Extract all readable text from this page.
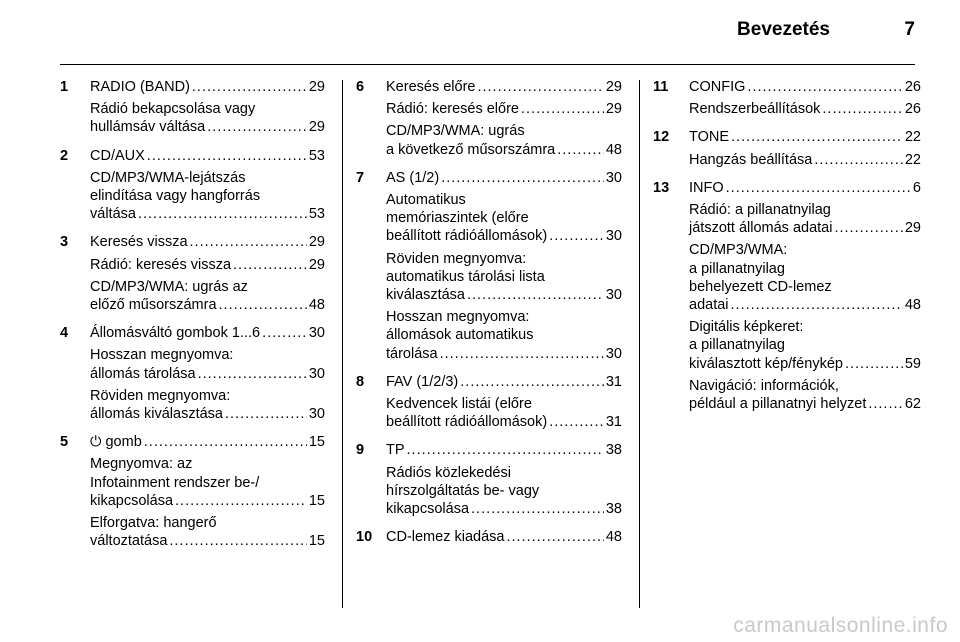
Bevezetés	7
1 RADIO (BAND) .....	29
Rádió bekapcsolása vagy
hullámsáv váltása .....	29
2 CD/AUX .....	53
CD/MP3/WMA-lejátszás
elindítása vagy hangforrás
váltása .....	53
3 Keresés vissza .....	29
Rádió: keresés vissza .....	29
CD/MP3/WMA: ugrás az
előző műsorszámra .....	48
4 Állomásváltó gombok 1...6 .....	30
Hosszan megnyomva:
állomás tárolása .....	30
Röviden megnyomva:
állomás kiválasztása .....	30
5 ⏻ gomb .....	15
Megnyomva: az
Infotainment rendszer be-/
kikapcsolása .....	15
Elforgatva: hangerő
változtatása .....	15
6 Keresés előre .....	29
Rádió: keresés előre .....	29
CD/MP3/WMA: ugrás
a következő műsorszámra .....	48
7 AS (1/2) .....	30
Automatikus
memóriaszintek (előre
beállított rádióállomások) .....	30
Röviden megnyomva:
automatikus tárolási lista
kiválasztása .....	30
Hosszan megnyomva:
állomások automatikus
tárolása .....	30
8 FAV (1/2/3) .....	31
Kedvencek listái (előre
beállított rádióállomások) .....	31
9 TP .....	38
Rádiós közlekedési
hírszolgáltatás be- vagy
kikapcsolása .....	38
10 CD-lemez kiadása .....	48
11 CONFIG .....	26
Rendszerbeállítások .....	26
12 TONE .....	22
Hangzás beállítása .....	22
13 INFO .....	6
Rádió: a pillanatnyilag
játszott állomás adatai .....	29
CD/MP3/WMA:
a pillanatnyilag
behelyezett CD-lemez
adatai .....	48
Digitális képkeret:
a pillanatnyilag
kiválasztott kép/fénykép .....	59
Navigáció: információk,
például a pillanatnyi helyzet .....	62
carmanualsonline.info
